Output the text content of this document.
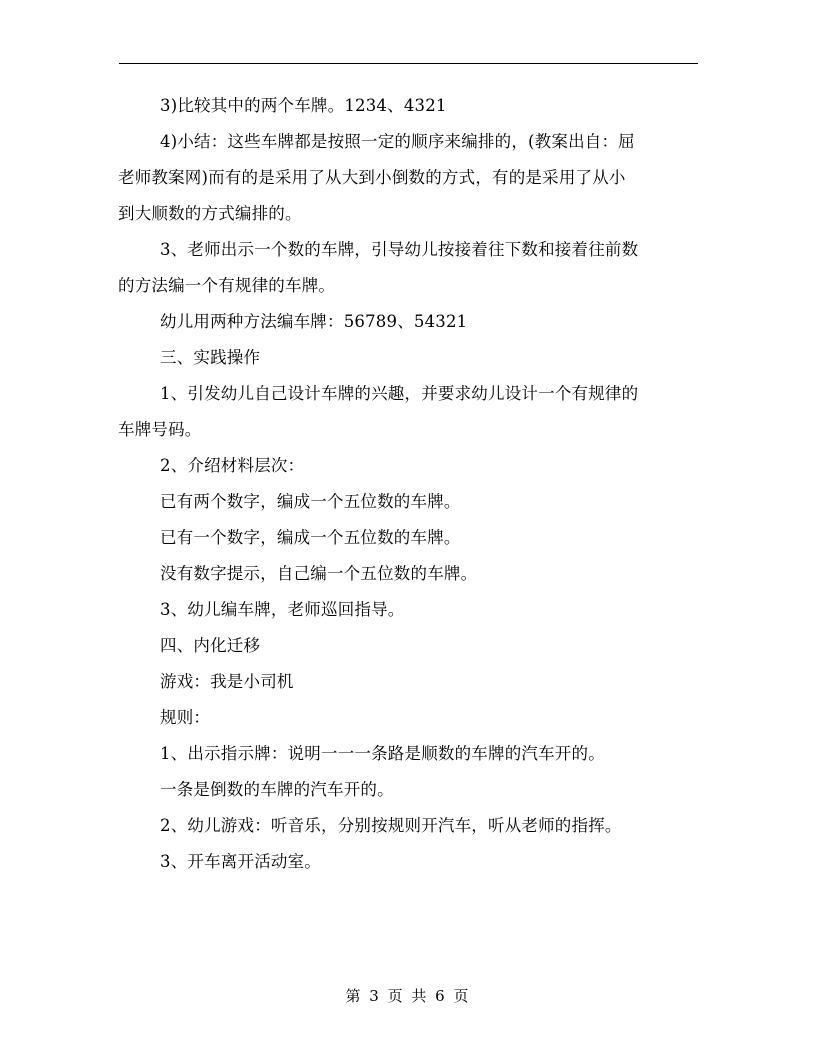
3)比较其中的两个车牌。1234、4321
4)小结：这些车牌都是按照一定的顺序来编排的，(教案出自：屈
老师教案网)而有的是采用了从大到小倒数的方式，有的是采用了从小
到大顺数的方式编排的。
3、老师出示一个数的车牌，引导幼儿按接着往下数和接着往前数
的方法编一个有规律的车牌。
幼儿用两种方法编车牌：56789、54321
三、实践操作
1、引发幼儿自己设计车牌的兴趣，并要求幼儿设计一个有规律的
车牌号码。
2、介绍材料层次：
已有两个数字，编成一个五位数的车牌。
已有一个数字，编成一个五位数的车牌。
没有数字提示，自己编一个五位数的车牌。
3、幼儿编车牌，老师巡回指导。
四、内化迁移
游戏：我是小司机
规则：
1、出示指示牌：说明一一一条路是顺数的车牌的汽车开的。
一条是倒数的车牌的汽车开的。
2、幼儿游戏：听音乐，分别按规则开汽车，听从老师的指挥。
3、开车离开活动室。
第 3 页 共 6 页
